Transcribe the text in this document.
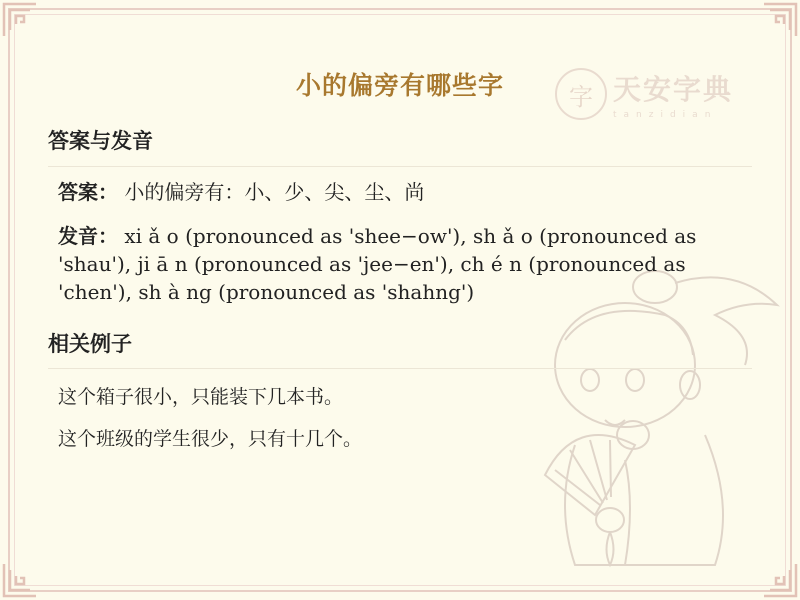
小的偏旁有哪些字	字 天安字典
tanzidian
答案与发音
答案： 小的偏旁有：小、少、尖、尘、尚
发音： xi ǎ o (pronounced as 'shee−ow'), sh ǎ o (pronounced as 'shau'), ji ā n (pronounced as 'jee−en'), ch é n (pronounced as 'chen'), sh à ng (pronounced as 'shahng')
相关例子
这个箱子很小，只能装下几本书。
这个班级的学生很少，只有十几个。
